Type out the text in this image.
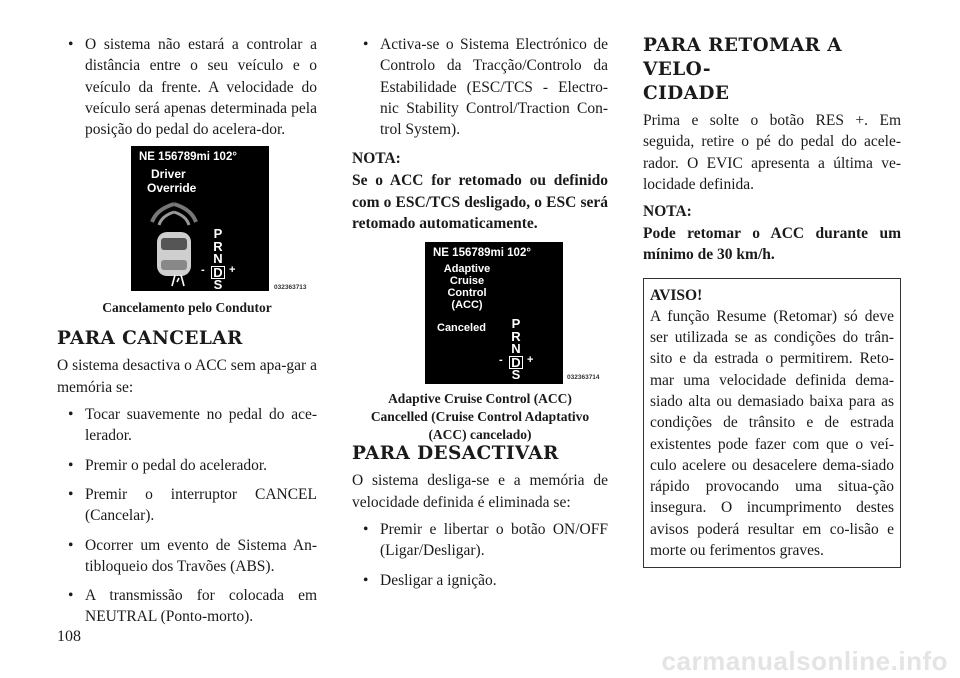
• O sistema não estará a controlar a distância entre o seu veículo e o veículo da frente. A velocidade do veículo será apenas determinada pela posição do pedal do acelera-dor.
NE 156789mi 102°
Driver
Override
P
R
N
D
S
- +
032363713

Cancelamento pelo Condutor

PARA CANCELAR

O sistema desactiva o ACC sem apa-gar a memória se:

• Tocar suavemente no pedal do ace-lerador.
• Premir o pedal do acelerador.
• Premir o interruptor CANCEL (Cancelar).
• Ocorrer um evento de Sistema An-tibloqueio dos Travões (ABS).
• A transmissão for colocada em NEUTRAL (Ponto-morto).
• Activa-se o Sistema Electrónico de Controlo da Tracção/Controlo da Estabilidade (ESC/TCS - Electro-nic Stability Control/Traction Con-trol System).
NOTA:

Se o ACC for retomado ou definido com o ESC/TCS desligado, o ESC será retomado automaticamente.

NE 156789mi 102°
Adaptive
Cruise
Control
(ACC)
Canceled P
R
N
D
S
- +
032363714

Adaptive Cruise Control (ACC)

Cancelled (Cruise Control Adaptativo

(ACC) cancelado)

PARA DESACTIVAR

O sistema desliga-se e a memória de velocidade definida é eliminada se:

• Premir e libertar o botão ON/OFF (Ligar/Desligar).
• Desligar a ignição.
PARA RETOMAR A VELO-
CIDADE

Prima e solte o botão RES +. Em seguida, retire o pé do pedal do acele-rador. O EVIC apresenta a última ve-locidade definida.

NOTA:

Pode retomar o ACC durante um mínimo de 30 km/h.

AVISO!

A função Resume (Retomar) só deve ser utilizada se as condições do trân-sito e da estrada o permitirem. Reto-mar uma velocidade definida dema-siado alta ou demasiado baixa para as condições de trânsito e de estrada existentes pode fazer com que o veí-culo acelere ou desacelere dema-siado rápido provocando uma situa-ção insegura. O incumprimento destes avisos poderá resultar em co-lisão e morte ou ferimentos graves.

108
carmanualsonline.info
